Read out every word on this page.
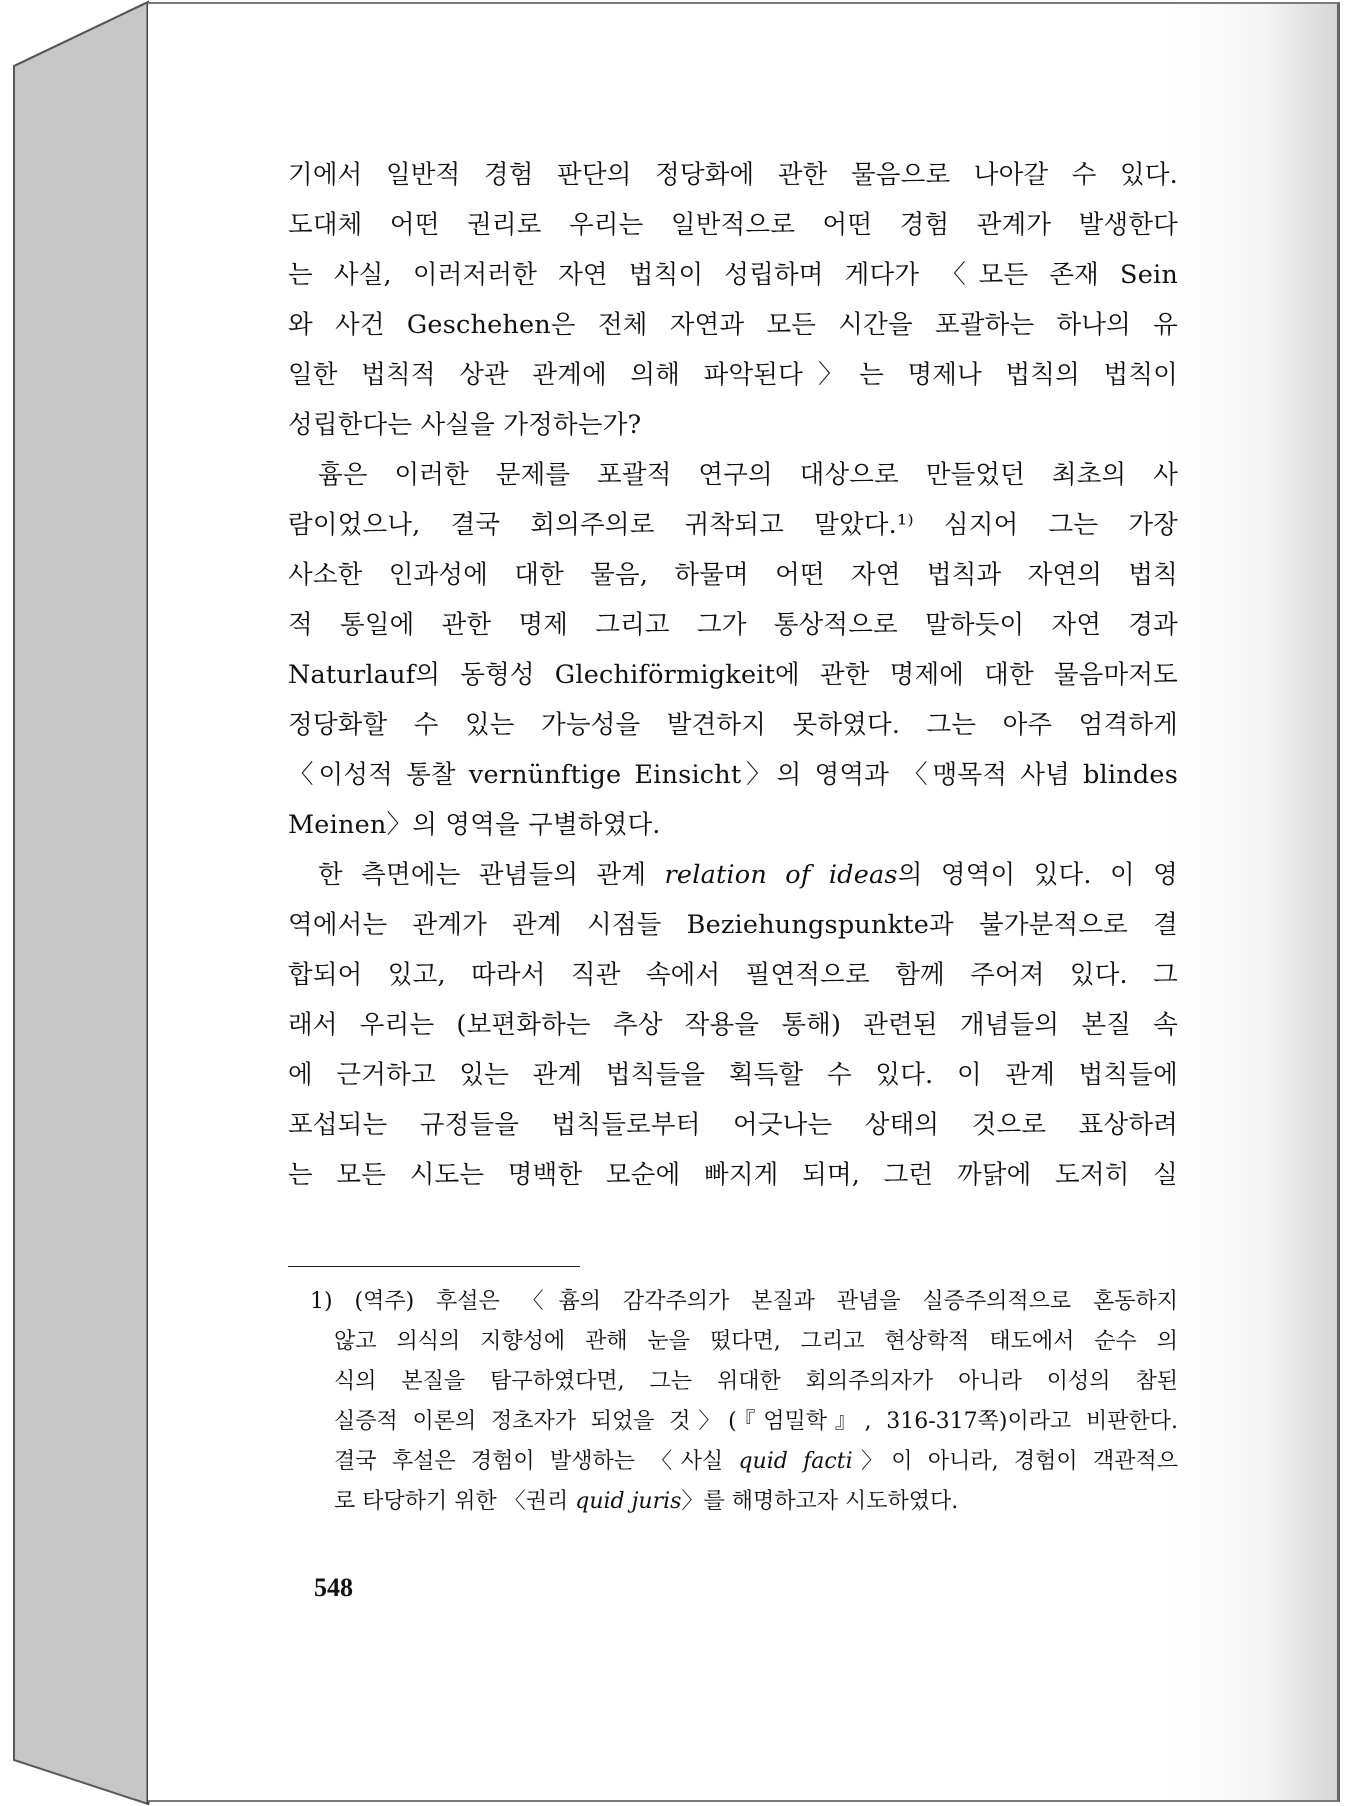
기에서 일반적 경험 판단의 정당화에 관한 물음으로 나아갈 수 있다.
도대체 어떤 권리로 우리는 일반적으로 어떤 경험 관계가 발생한다
는 사실, 이러저러한 자연 법칙이 성립하며 게다가 〈모든 존재 Sein
와 사건 Geschehen은 전체 자연과 모든 시간을 포괄하는 하나의 유
일한 법칙적 상관 관계에 의해 파악된다〉는 명제나 법칙의 법칙이
성립한다는 사실을 가정하는가?

흄은 이러한 문제를 포괄적 연구의 대상으로 만들었던 최초의 사
람이었으나, 결국 회의주의로 귀착되고 말았다.¹⁾ 심지어 그는 가장
사소한 인과성에 대한 물음, 하물며 어떤 자연 법칙과 자연의 법칙
적 통일에 관한 명제 그리고 그가 통상적으로 말하듯이 자연 경과
Naturlauf의 동형성 Glechiförmigkeit에 관한 명제에 대한 물음마저도
정당화할 수 있는 가능성을 발견하지 못하였다. 그는 아주 엄격하게
〈이성적 통찰 vernünftige Einsicht〉의 영역과 〈맹목적 사념 blindes
Meinen〉의 영역을 구별하였다.

한 측면에는 관념들의 관계 relation of ideas의 영역이 있다. 이 영
역에서는 관계가 관계 시점들 Beziehungspunkte과 불가분적으로 결
합되어 있고, 따라서 직관 속에서 필연적으로 함께 주어져 있다. 그
래서 우리는 (보편화하는 추상 작용을 통해) 관련된 개념들의 본질 속
에 근거하고 있는 관계 법칙들을 획득할 수 있다. 이 관계 법칙들에
포섭되는 규정들을 법칙들로부터 어긋나는 상태의 것으로 표상하려
는 모든 시도는 명백한 모순에 빠지게 되며, 그런 까닭에 도저히 실

1) (역주) 후설은 〈흄의 감각주의가 본질과 관념을 실증주의적으로 혼동하지
않고 의식의 지향성에 관해 눈을 떴다면, 그리고 현상학적 태도에서 순수 의
식의 본질을 탐구하였다면, 그는 위대한 회의주의자가 아니라 이성의 참된
실증적 이론의 정초자가 되었을 것〉(『엄밀학』, 316-317쪽)이라고 비판한다.
결국 후설은 경험이 발생하는 〈사실 quid facti〉이 아니라, 경험이 객관적으
로 타당하기 위한 〈권리 quid juris〉를 해명하고자 시도하였다.
548
